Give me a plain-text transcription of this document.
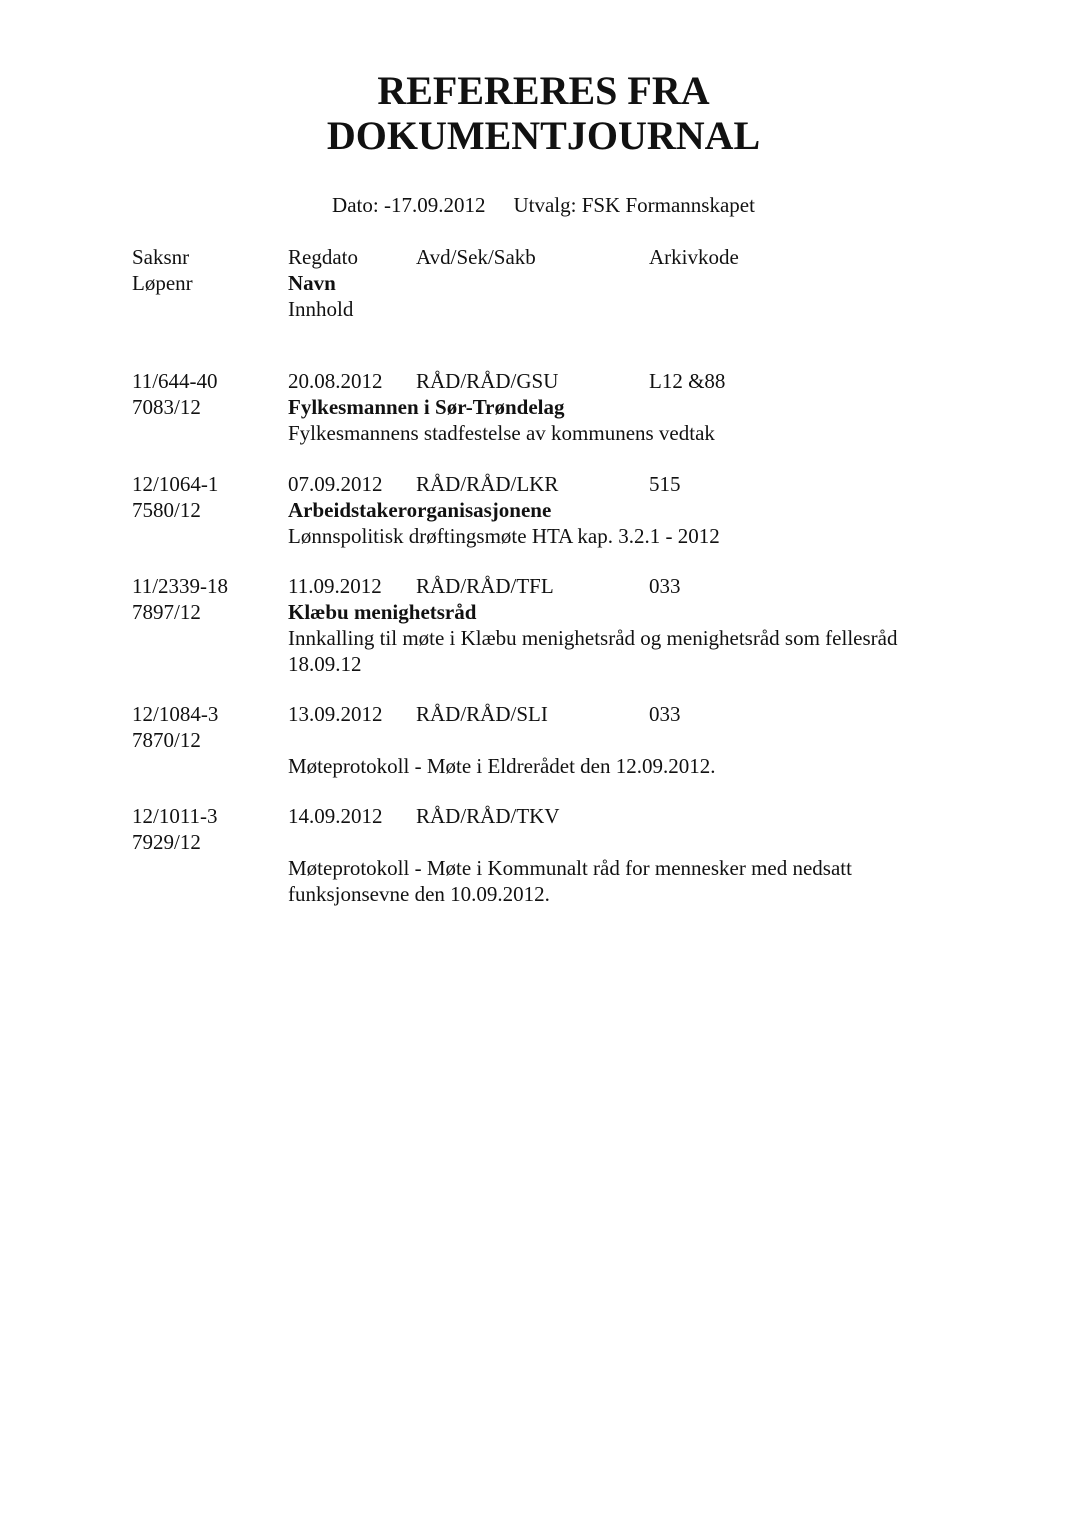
REFERERES FRA
DOKUMENTJOURNAL
Dato: -17.09.2012 Utvalg: FSK Formannskapet
Saksnr	Regdato	Avd/Sek/Sakb	Arkivkode
Løpenr	Navn
Innhold
11/644-40	20.08.2012 RÅD/RÅD/GSU	L12 &88
7083/12	Fylkesmannen i Sør-Trøndelag
Fylkesmannens stadfestelse av kommunens vedtak
12/1064-1	07.09.2012 RÅD/RÅD/LKR	515
7580/12	Arbeidstakerorganisasjonene
Lønnspolitisk drøftingsmøte HTA kap. 3.2.1 - 2012
11/2339-18	11.09.2012 RÅD/RÅD/TFL	033
7897/12	Klæbu menighetsråd
Innkalling til møte i Klæbu menighetsråd og menighetsråd som fellesråd
18.09.12
12/1084-3	13.09.2012 RÅD/RÅD/SLI	033
7870/12
Møteprotokoll - Møte i Eldrerådet den 12.09.2012.
12/1011-3	14.09.2012 RÅD/RÅD/TKV
7929/12
Møteprotokoll - Møte i Kommunalt råd for mennesker med nedsatt
funksjonsevne den 10.09.2012.
